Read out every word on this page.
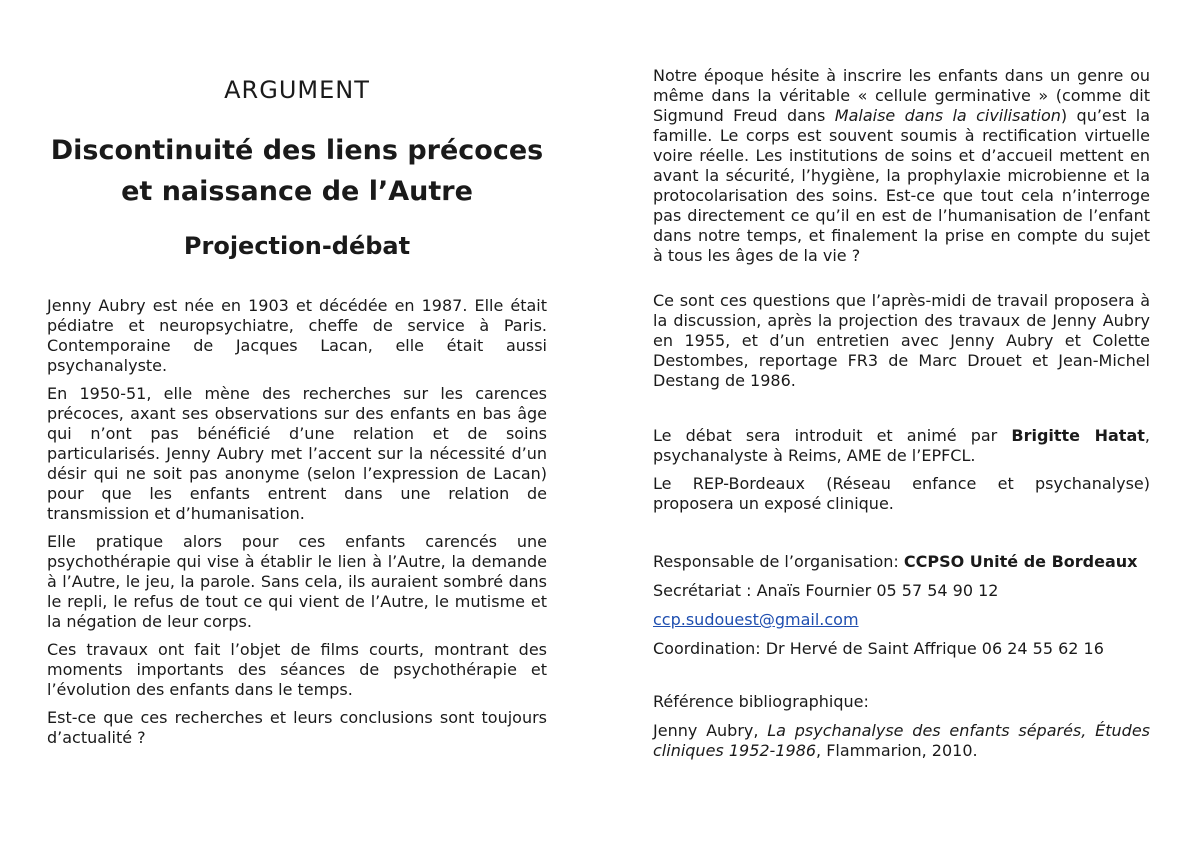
ARGUMENT
Discontinuité des liens précoces
et naissance de l’Autre
Projection-débat

Jenny Aubry est née en 1903 et décédée en 1987. Elle était pédiatre et neuropsychiatre, cheffe de service à Paris. Contemporaine de Jacques Lacan, elle était aussi psychanalyste.

En 1950-51, elle mène des recherches sur les carences précoces, axant ses observations sur des enfants en bas âge qui n’ont pas bénéficié d’une relation et de soins particularisés. Jenny Aubry met l’accent sur la nécessité d’un désir qui ne soit pas anonyme (selon l’expression de Lacan) pour que les enfants entrent dans une relation de transmission et d’humanisation.

Elle pratique alors pour ces enfants carencés une psychothérapie qui vise à établir le lien à l’Autre, la demande à l’Autre, le jeu, la parole. Sans cela, ils auraient sombré dans le repli, le refus de tout ce qui vient de l’Autre, le mutisme et la négation de leur corps.

Ces travaux ont fait l’objet de films courts, montrant des moments importants des séances de psychothérapie et l’évolution des enfants dans le temps.

Est-ce que ces recherches et leurs conclusions sont toujours d’actualité ?

Notre époque hésite à inscrire les enfants dans un genre ou même dans la véritable « cellule germinative » (comme dit Sigmund Freud dans Malaise dans la civilisation) qu’est la famille. Le corps est souvent soumis à rectification virtuelle voire réelle. Les institutions de soins et d’accueil mettent en avant la sécurité, l’hygiène, la prophylaxie microbienne et la protocolarisation des soins. Est-ce que tout cela n’interroge pas directement ce qu’il en est de l’humanisation de l’enfant dans notre temps, et finalement la prise en compte du sujet à tous les âges de la vie ?

Ce sont ces questions que l’après-midi de travail proposera à la discussion, après la projection des travaux de Jenny Aubry en 1955, et d’un entretien avec Jenny Aubry et Colette Destombes, reportage FR3 de Marc Drouet et Jean-Michel Destang de 1986.

Le débat sera introduit et animé par Brigitte Hatat, psychanalyste à Reims, AME de l’EPFCL.

Le REP-Bordeaux (Réseau enfance et psychanalyse) proposera un exposé clinique.

Responsable de l’organisation: CCPSO Unité de Bordeaux
Secrétariat : Anaïs Fournier 05 57 54 90 12
ccp.sudouest@gmail.com
Coordination: Dr Hervé de Saint Affrique 06 24 55 62 16
Référence bibliographique:

Jenny Aubry, La psychanalyse des enfants séparés, Études cliniques 1952-1986, Flammarion, 2010.
